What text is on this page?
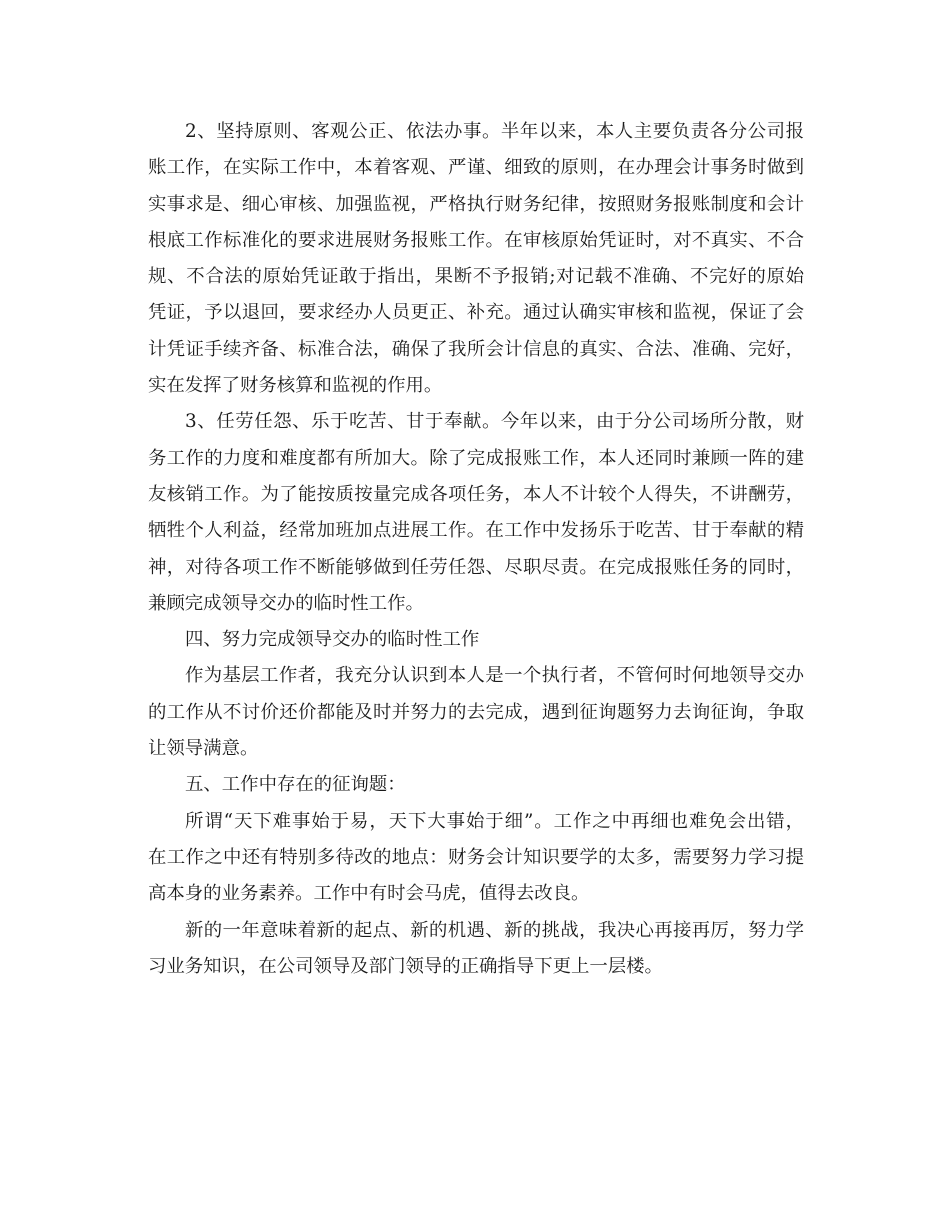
2、坚持原则、客观公正、依法办事。半年以来，本人主要负责各分公司报
账工作，在实际工作中，本着客观、严谨、细致的原则，在办理会计事务时做到
实事求是、细心审核、加强监视，严格执行财务纪律，按照财务报账制度和会计
根底工作标准化的要求进展财务报账工作。在审核原始凭证时，对不真实、不合
规、不合法的原始凭证敢于指出，果断不予报销;对记载不准确、不完好的原始
凭证，予以退回，要求经办人员更正、补充。通过认确实审核和监视，保证了会
计凭证手续齐备、标准合法，确保了我所会计信息的真实、合法、准确、完好，
实在发挥了财务核算和监视的作用。
3、任劳任怨、乐于吃苦、甘于奉献。今年以来，由于分公司场所分散，财
务工作的力度和难度都有所加大。除了完成报账工作，本人还同时兼顾一阵的建
友核销工作。为了能按质按量完成各项任务，本人不计较个人得失，不讲酬劳，
牺牲个人利益，经常加班加点进展工作。在工作中发扬乐于吃苦、甘于奉献的精
神，对待各项工作不断能够做到任劳任怨、尽职尽责。在完成报账任务的同时，
兼顾完成领导交办的临时性工作。
四、努力完成领导交办的临时性工作
作为基层工作者，我充分认识到本人是一个执行者，不管何时何地领导交办
的工作从不讨价还价都能及时并努力的去完成，遇到征询题努力去询征询，争取
让领导满意。
五、工作中存在的征询题：
所谓“天下难事始于易，天下大事始于细”。工作之中再细也难免会出错，
在工作之中还有特别多待改的地点：财务会计知识要学的太多，需要努力学习提
高本身的业务素养。工作中有时会马虎，值得去改良。
新的一年意味着新的起点、新的机遇、新的挑战，我决心再接再厉，努力学
习业务知识，在公司领导及部门领导的正确指导下更上一层楼。
